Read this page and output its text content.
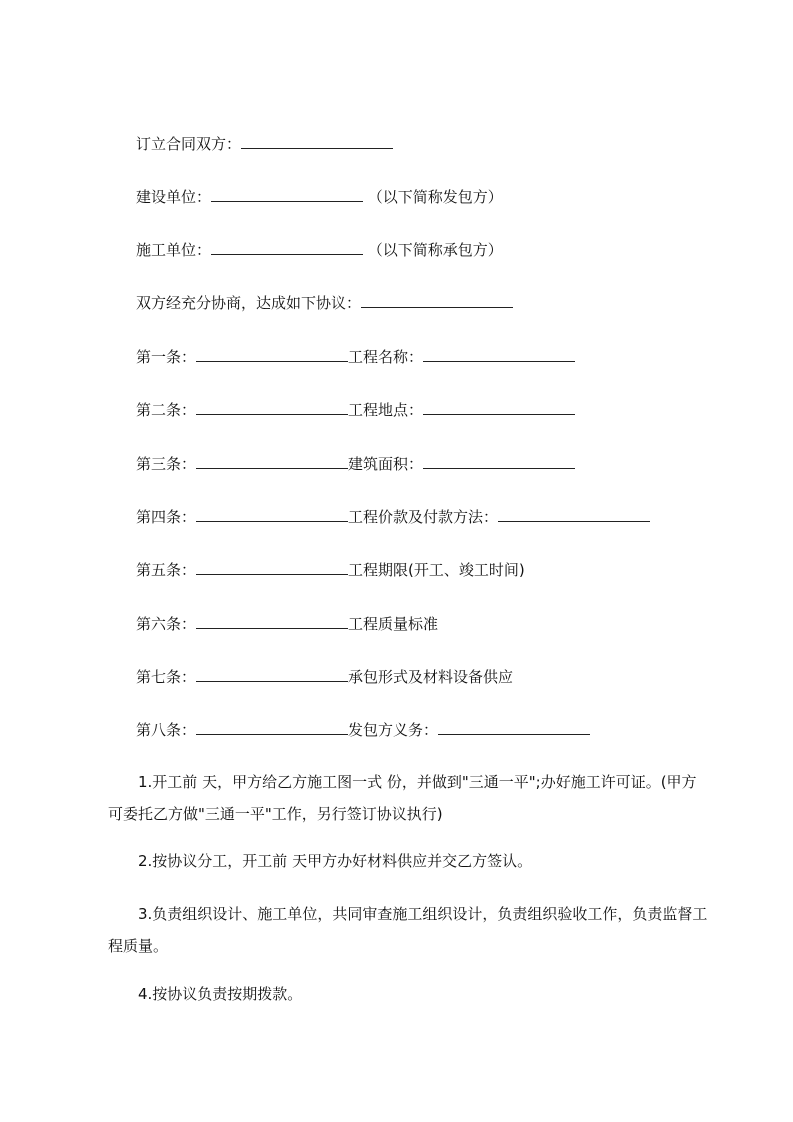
订立合同双方：
建设单位：	（以下简称发包方）
施工单位：	（以下简称承包方）
双方经充分协商，达成如下协议：
第一条：	工程名称：
第二条：	工程地点：
第三条：	建筑面积：
第四条：	工程价款及付款方法：
第五条：	工程期限(开工、竣工时间)
第六条：	工程质量标准
第七条：	承包形式及材料设备供应
第八条：	发包方义务：
1.开工前 天，甲方给乙方施工图一式 份，并做到"三通一平";办好施工许可证。(甲方可委托乙方做"三通一平"工作，另行签订协议执行)
2.按协议分工，开工前 天甲方办好材料供应并交乙方签认。
3.负责组织设计、施工单位，共同审查施工组织设计，负责组织验收工作，负责监督工程质量。
4.按协议负责按期拨款。
